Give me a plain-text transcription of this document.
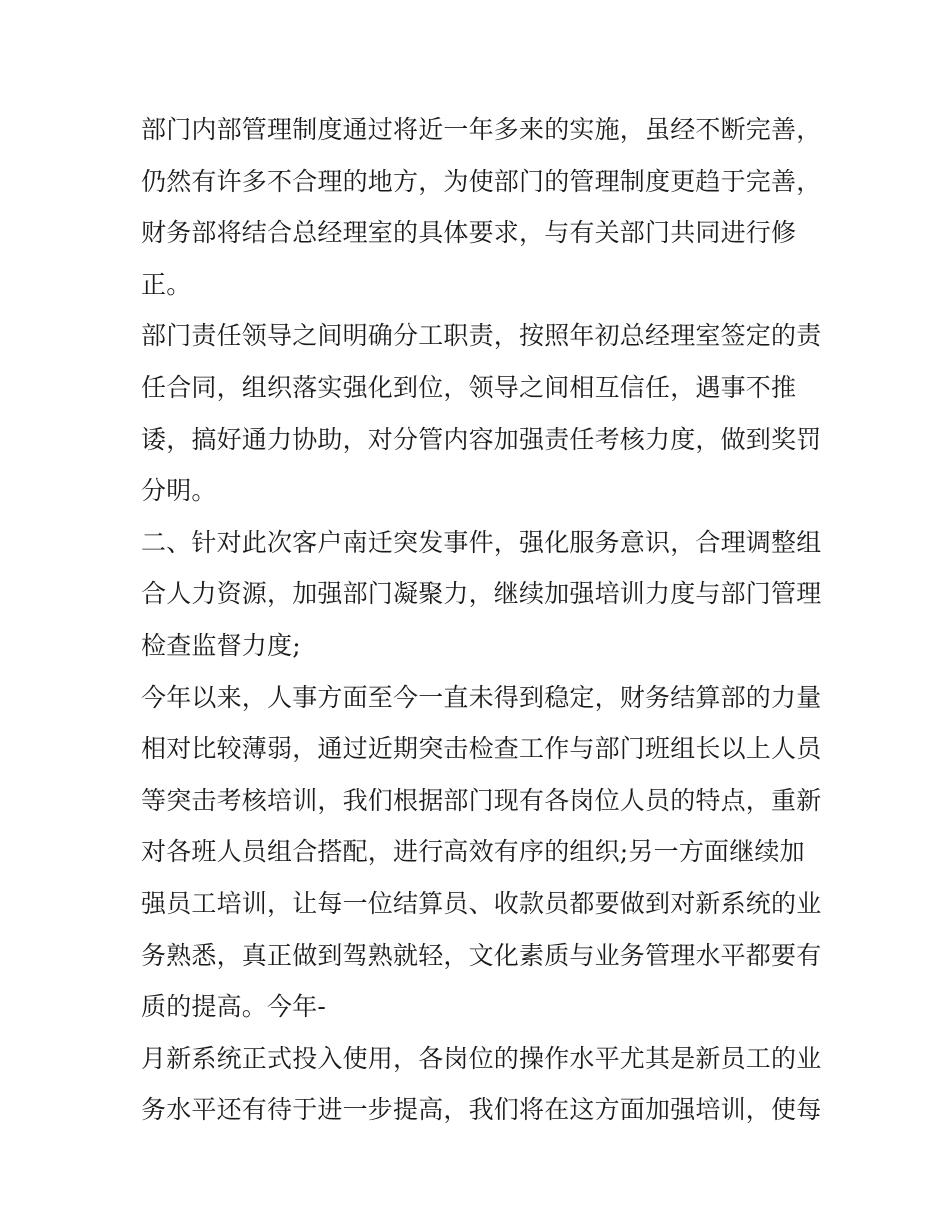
部门内部管理制度通过将近一年多来的实施，虽经不断完善，
仍然有许多不合理的地方，为使部门的管理制度更趋于完善，
财务部将结合总经理室的具体要求，与有关部门共同进行修
正。
部门责任领导之间明确分工职责，按照年初总经理室签定的责
任合同，组织落实强化到位，领导之间相互信任，遇事不推
诿，搞好通力协助，对分管内容加强责任考核力度，做到奖罚
分明。
二、针对此次客户南迁突发事件，强化服务意识，合理调整组
合人力资源，加强部门凝聚力，继续加强培训力度与部门管理
检查监督力度;
今年以来，人事方面至今一直未得到稳定，财务结算部的力量
相对比较薄弱，通过近期突击检查工作与部门班组长以上人员
等突击考核培训，我们根据部门现有各岗位人员的特点，重新
对各班人员组合搭配，进行高效有序的组织;另一方面继续加
强员工培训，让每一位结算员、收款员都要做到对新系统的业
务熟悉，真正做到驾熟就轻，文化素质与业务管理水平都要有
质的提高。今年-
月新系统正式投入使用，各岗位的操作水平尤其是新员工的业
务水平还有待于进一步提高，我们将在这方面加强培训，使每
